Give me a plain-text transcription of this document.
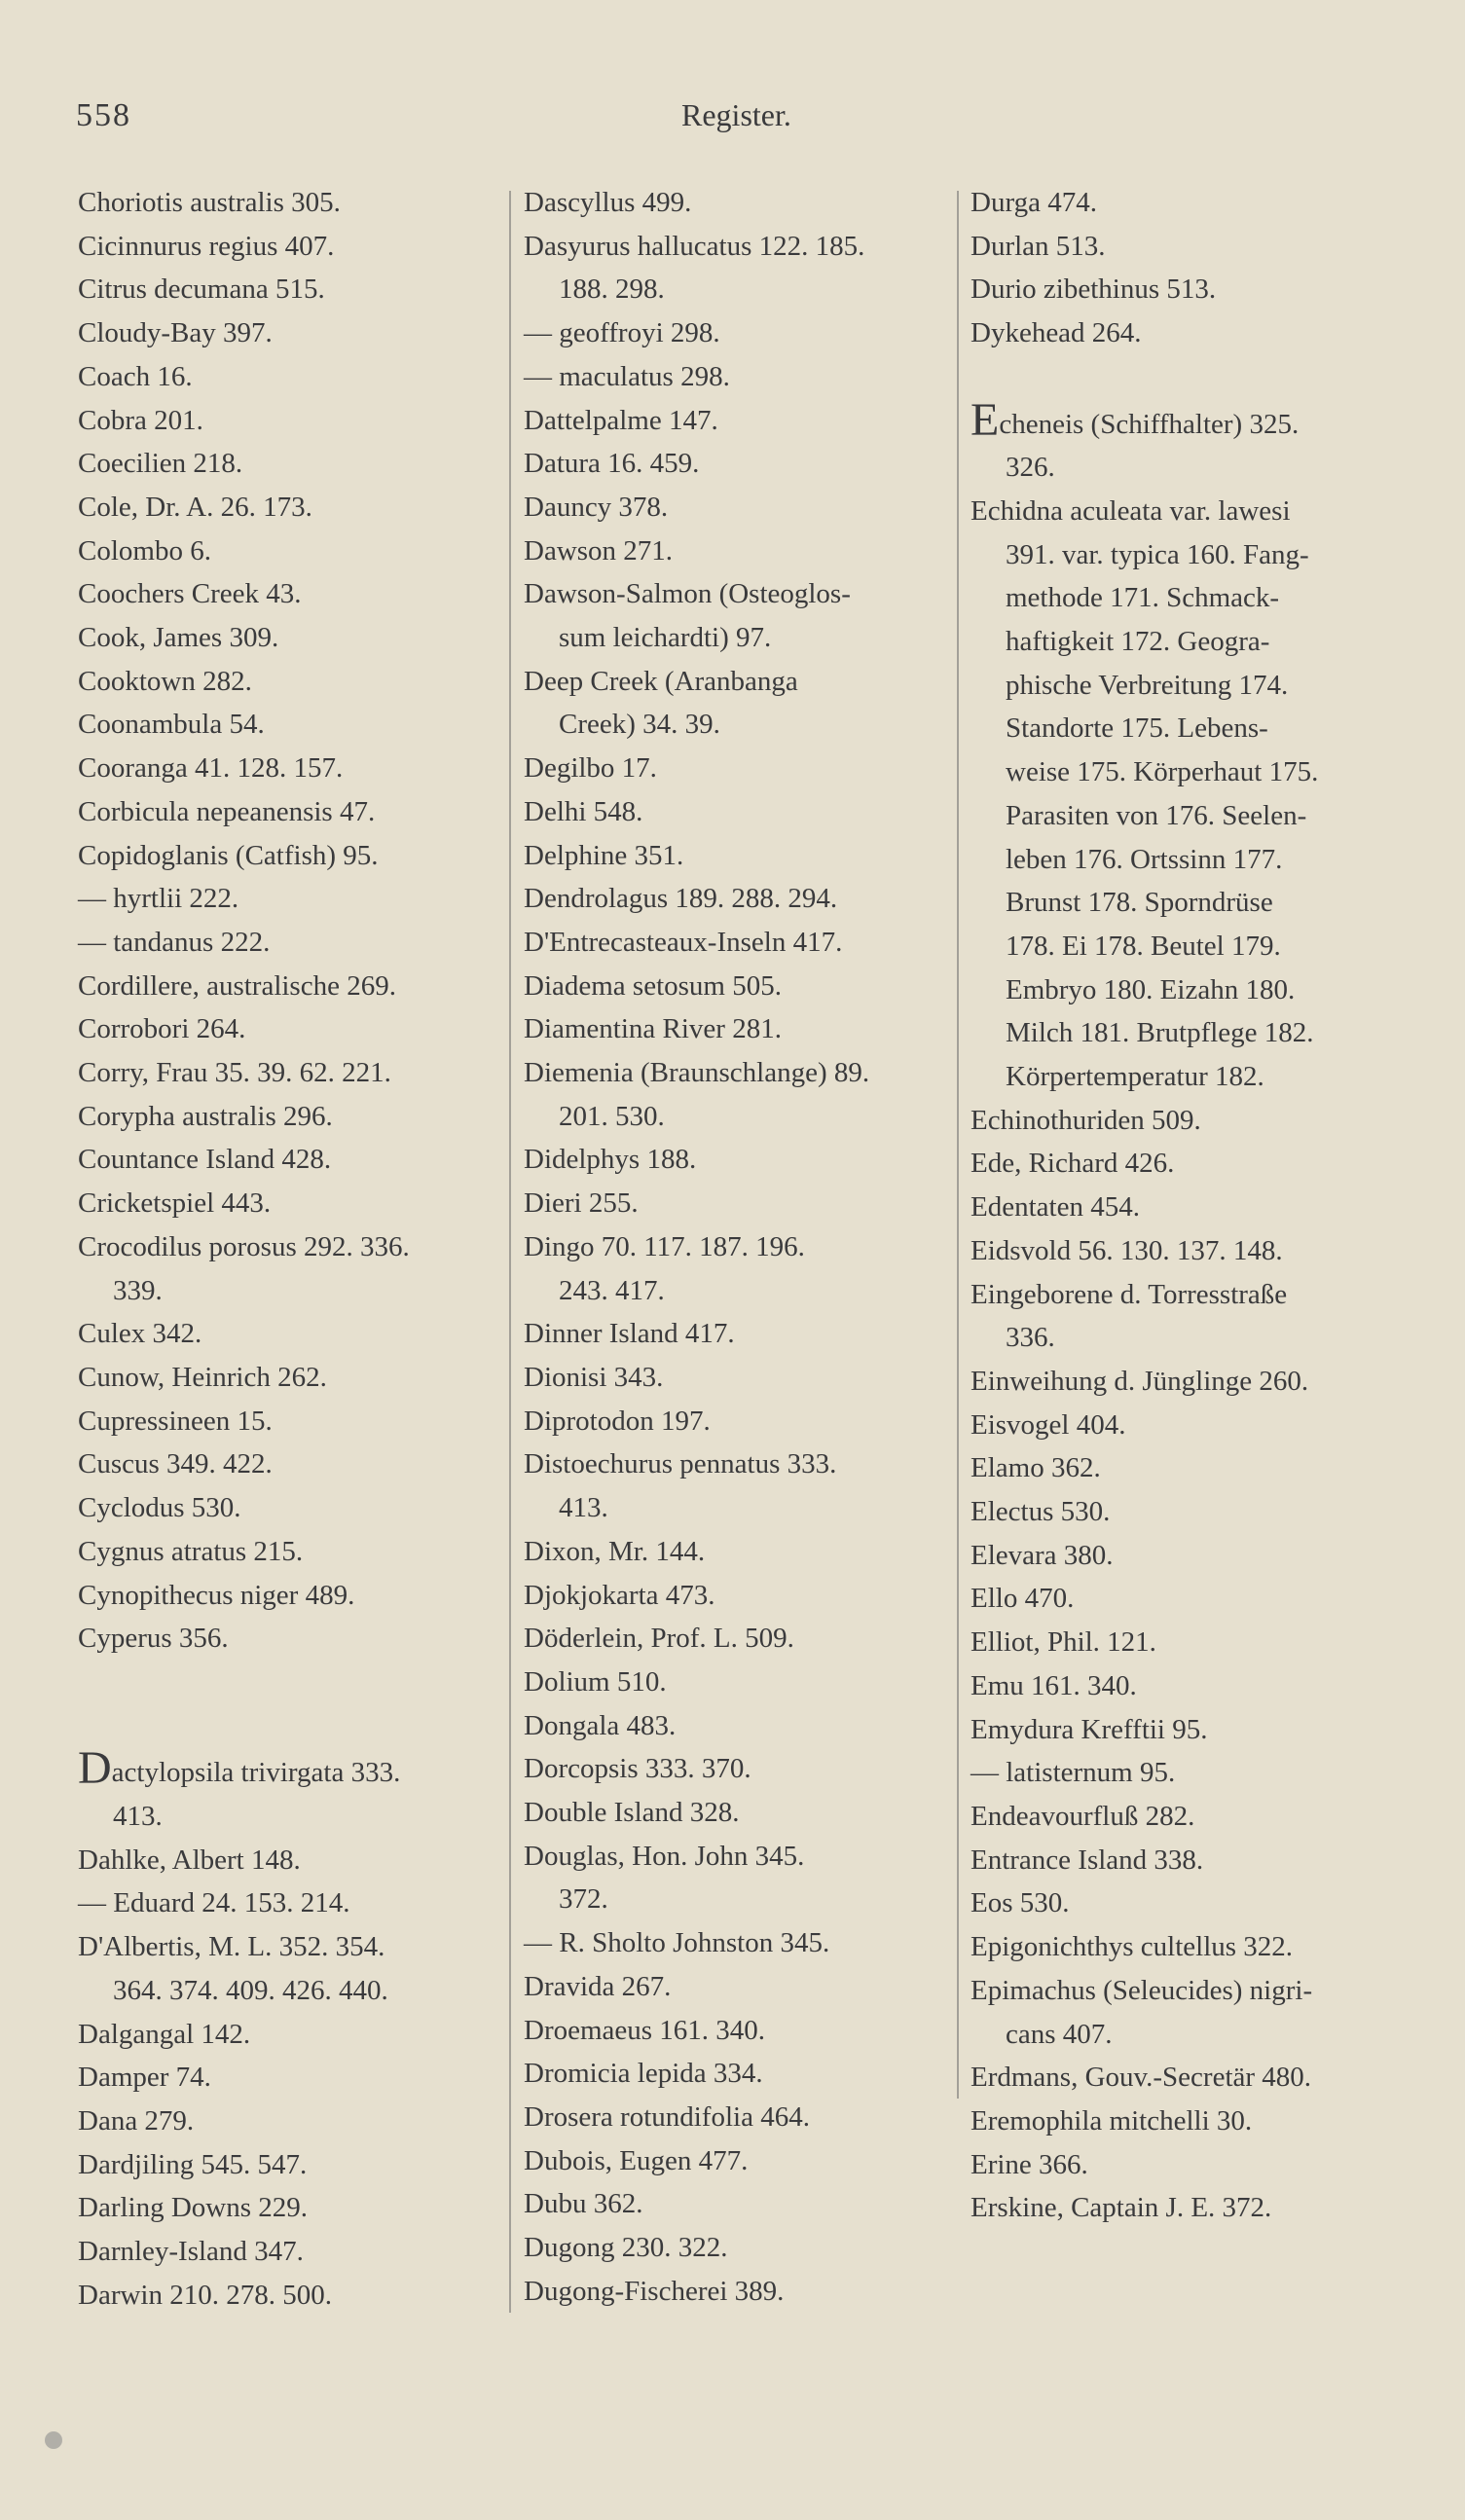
558	Register.
Choriotis australis 305.
Cicinnurus regius 407.
Citrus decumana 515.
Cloudy-Bay 397.
Coach 16.
Cobra 201.
Coecilien 218.
Cole, Dr. A. 26. 173.
Colombo 6.
Coochers Creek 43.
Cook, James 309.
Cooktown 282.
Coonambula 54.
Cooranga 41. 128. 157.
Corbicula nepeanensis 47.
Copidoglanis (Catfish) 95.
— hyrtlii 222.
— tandanus 222.
Cordillere, australische 269.
Corrobori 264.
Corry, Frau 35. 39. 62. 221.
Corypha australis 296.
Countance Island 428.
Cricketspiel 443.
Crocodilus porosus 292. 336.
339.
Culex 342.
Cunow, Heinrich 262.
Cupressineen 15.
Cuscus 349. 422.
Cyclodus 530.
Cygnus atratus 215.
Cynopithecus niger 489.
Cyperus 356.
Dactylopsila trivirgata 333.
413.
Dahlke, Albert 148.
— Eduard 24. 153. 214.
D'Albertis, M. L. 352. 354.
364. 374. 409. 426. 440.
Dalgangal 142.
Damper 74.
Dana 279.
Dardjiling 545. 547.
Darling Downs 229.
Darnley-Island 347.
Darwin 210. 278. 500.
Dascyllus 499.
Dasyurus hallucatus 122. 185.
188. 298.
— geoffroyi 298.
— maculatus 298.
Dattelpalme 147.
Datura 16. 459.
Dauncy 378.
Dawson 271.
Dawson-Salmon (Osteoglos-
sum leichardti) 97.
Deep Creek (Aranbanga
Creek) 34. 39.
Degilbo 17.
Delhi 548.
Delphine 351.
Dendrolagus 189. 288. 294.
D'Entrecasteaux-Inseln 417.
Diadema setosum 505.
Diamentina River 281.
Diemenia (Braunschlange) 89.
201. 530.
Didelphys 188.
Dieri 255.
Dingo 70. 117. 187. 196.
243. 417.
Dinner Island 417.
Dionisi 343.
Diprotodon 197.
Distoechurus pennatus 333.
413.
Dixon, Mr. 144.
Djokjokarta 473.
Döderlein, Prof. L. 509.
Dolium 510.
Dongala 483.
Dorcopsis 333. 370.
Double Island 328.
Douglas, Hon. John 345.
372.
— R. Sholto Johnston 345.
Dravida 267.
Droemaeus 161. 340.
Dromicia lepida 334.
Drosera rotundifolia 464.
Dubois, Eugen 477.
Dubu 362.
Dugong 230. 322.
Dugong-Fischerei 389.
Durga 474.
Durlan 513.
Durio zibethinus 513.
Dykehead 264.
Echeneis (Schiffhalter) 325.
326.
Echidna aculeata var. lawesi
391. var. typica 160. Fang-
methode 171. Schmack-
haftigkeit 172. Geogra-
phische Verbreitung 174.
Standorte 175. Lebens-
weise 175. Körperhaut 175.
Parasiten von 176. Seelen-
leben 176. Ortssinn 177.
Brunst 178. Sporndrüse
178. Ei 178. Beutel 179.
Embryo 180. Eizahn 180.
Milch 181. Brutpflege 182.
Körpertemperatur 182.
Echinothuriden 509.
Ede, Richard 426.
Edentaten 454.
Eidsvold 56. 130. 137. 148.
Eingeborene d. Torresstraße
336.
Einweihung d. Jünglinge 260.
Eisvogel 404.
Elamo 362.
Electus 530.
Elevara 380.
Ello 470.
Elliot, Phil. 121.
Emu 161. 340.
Emydura Krefftii 95.
— latisternum 95.
Endeavourfluß 282.
Entrance Island 338.
Eos 530.
Epigonichthys cultellus 322.
Epimachus (Seleucides) nigri-
cans 407.
Erdmans, Gouv.-Secretär 480.
Eremophila mitchelli 30.
Erine 366.
Erskine, Captain J. E. 372.
